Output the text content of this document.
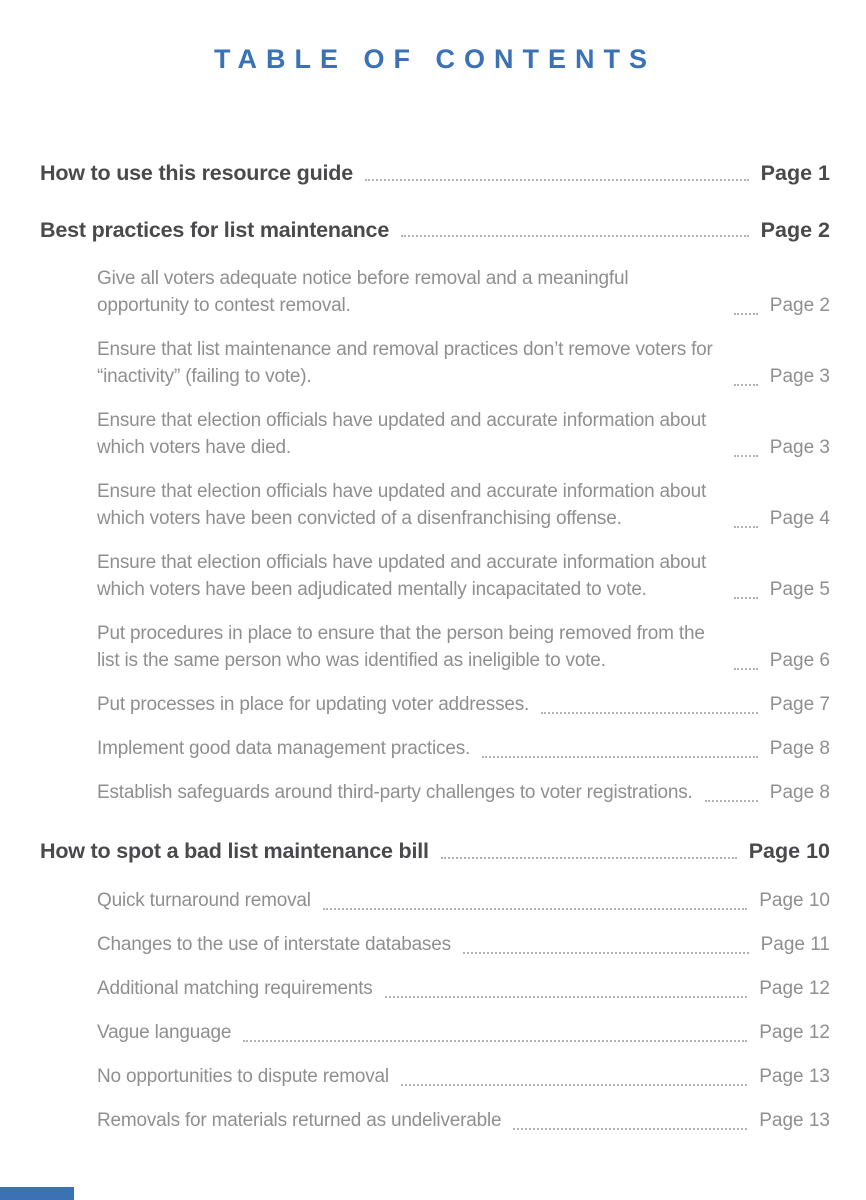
TABLE OF CONTENTS
How to use this resource guide	Page 1
Best practices for list maintenance	Page 2
Give all voters adequate notice before removal and a meaningful opportunity to contest removal.	Page 2
Ensure that list maintenance and removal practices don’t remove voters for “inactivity” (failing to vote).	Page 3
Ensure that election officials have updated and accurate information about which voters have died.	Page 3
Ensure that election officials have updated and accurate information about which voters have been convicted of a disenfranchising offense.	Page 4
Ensure that election officials have updated and accurate information about which voters have been adjudicated mentally incapacitated to vote.	Page 5
Put procedures in place to ensure that the person being removed from the list is the same person who was identified as ineligible to vote.	Page 6
Put processes in place for updating voter addresses.	Page 7
Implement good data management practices.	Page 8
Establish safeguards around third-party challenges to voter registrations.	Page 8
How to spot a bad list maintenance bill	Page 10
Quick turnaround removal	Page 10
Changes to the use of interstate databases	Page 11
Additional matching requirements	Page 12
Vague language	Page 12
No opportunities to dispute removal	Page 13
Removals for materials returned as undeliverable	Page 13
